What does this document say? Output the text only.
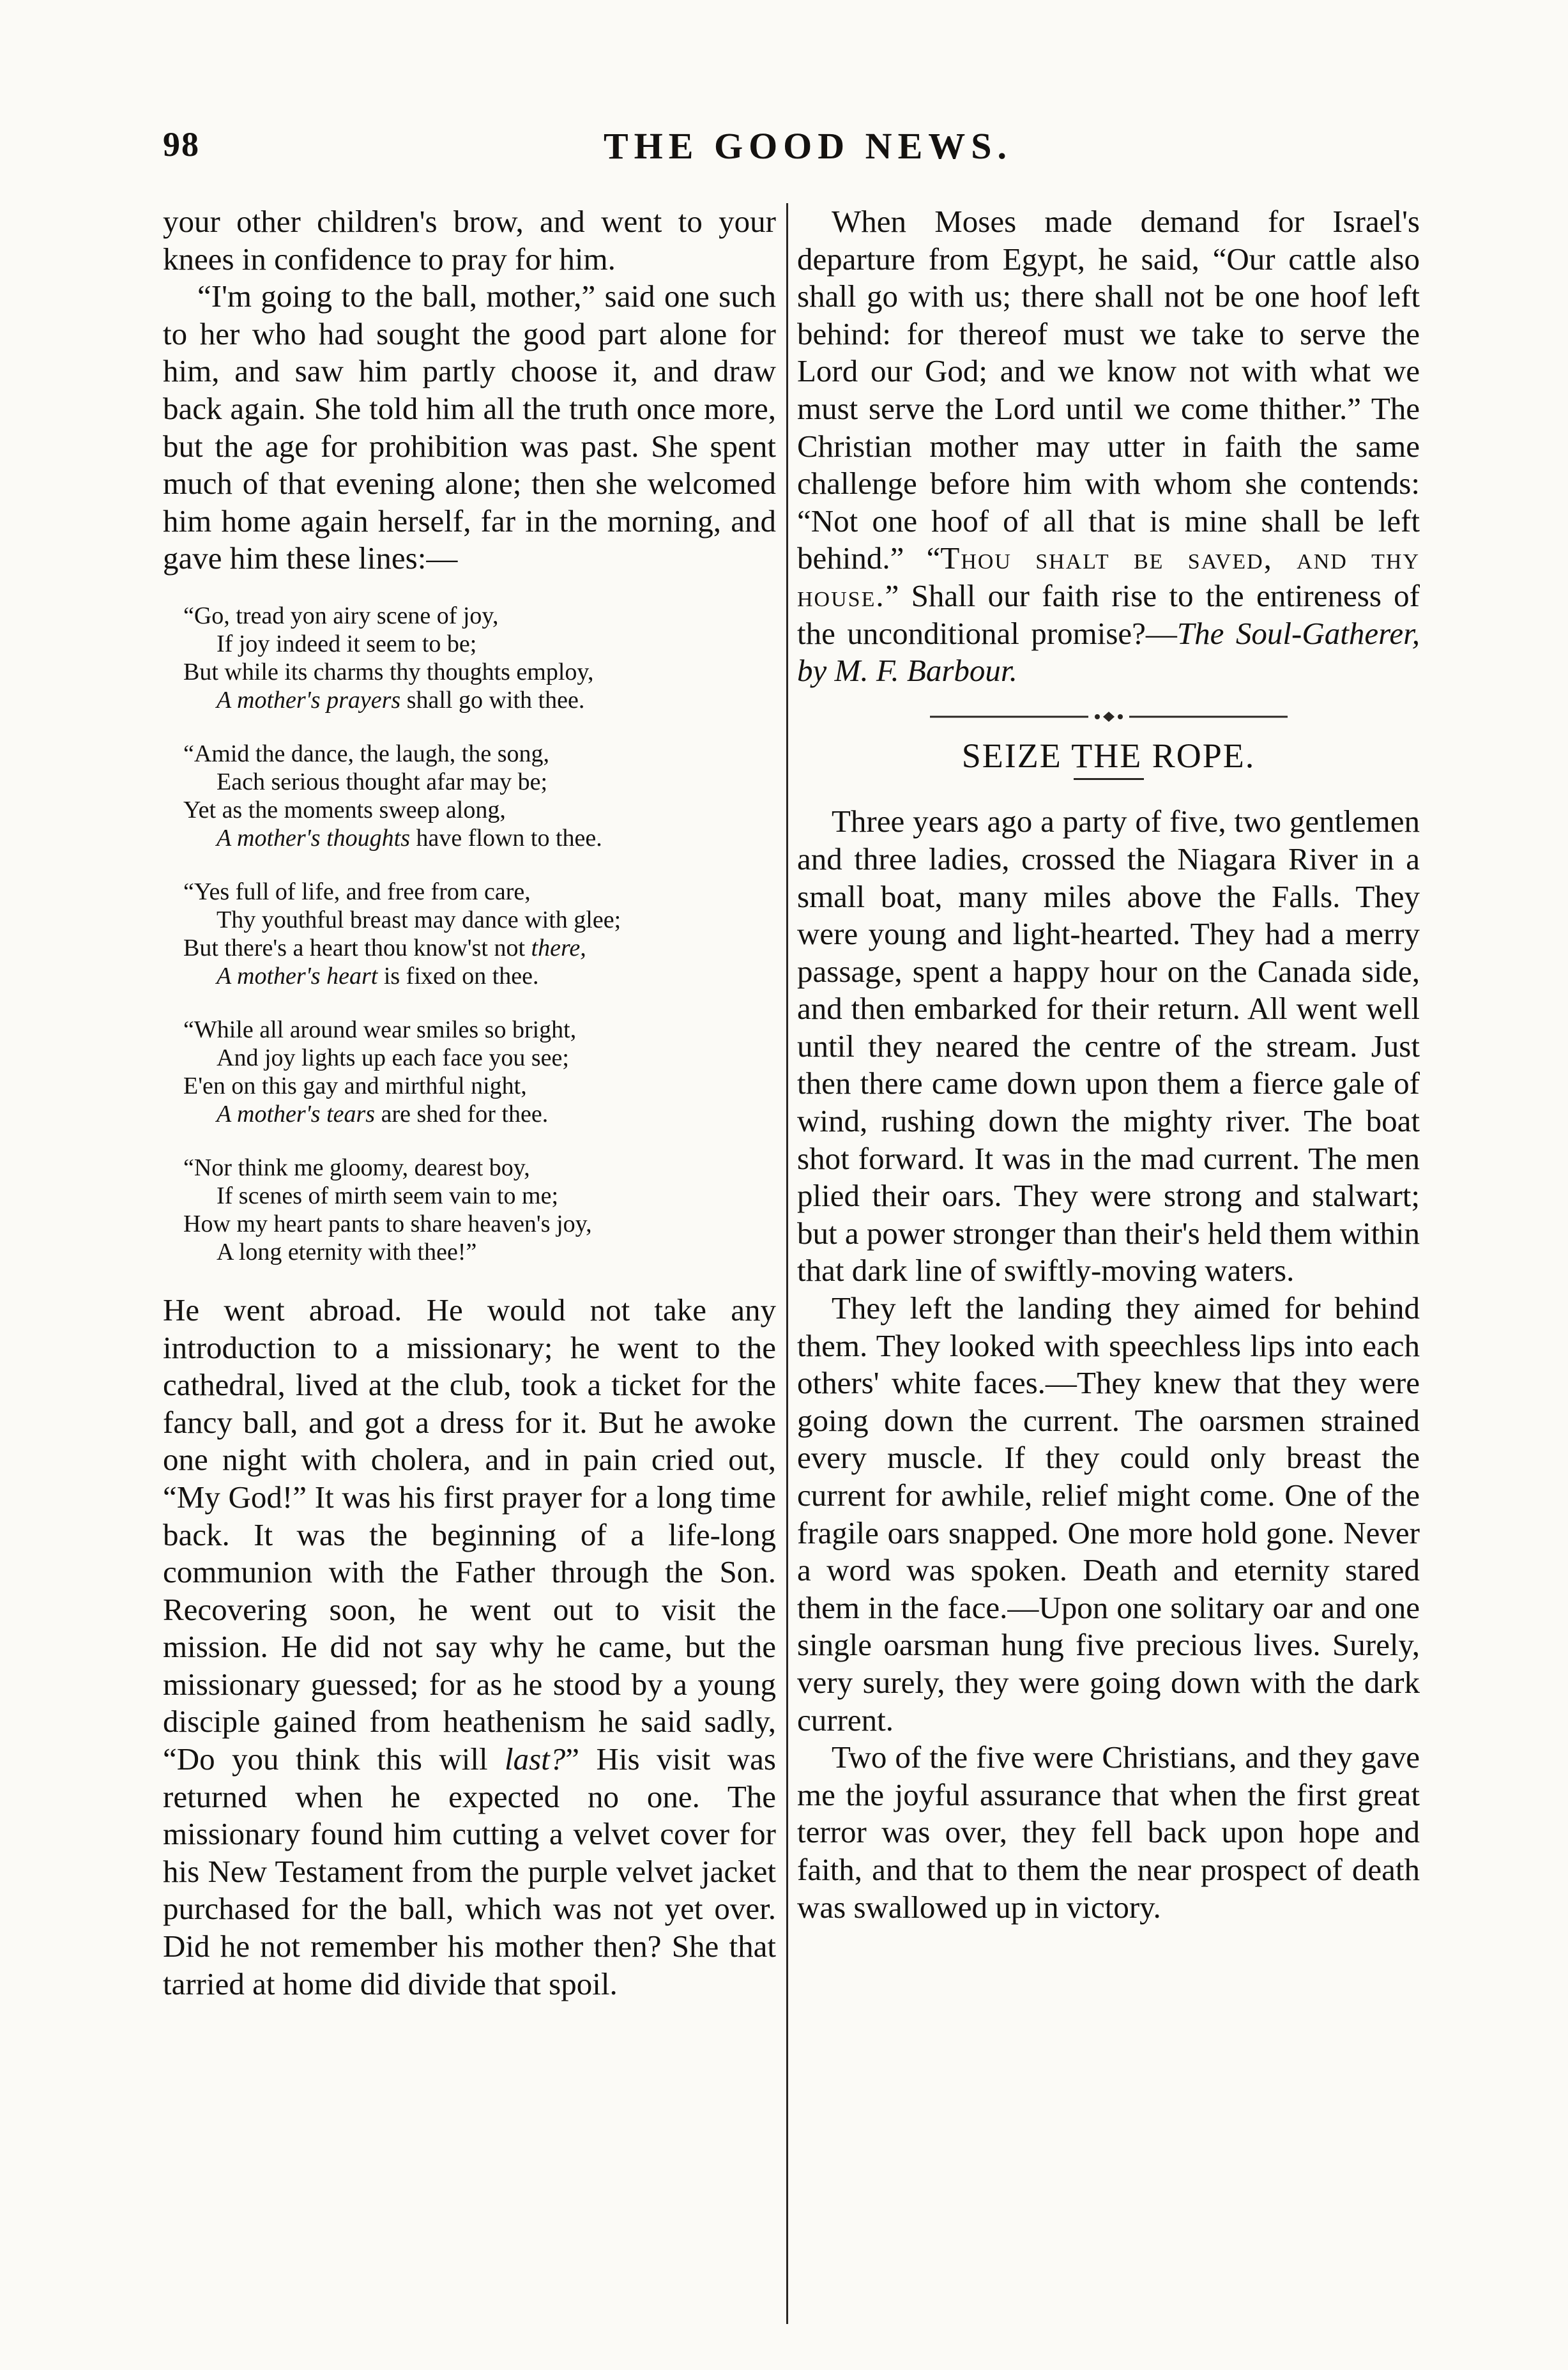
98	THE GOOD NEWS.

your other children's brow, and went to your knees in confidence to pray for him.

“I'm going to the ball, mother,” said one such to her who had sought the good part alone for him, and saw him partly choose it, and draw back again. She told him all the truth once more, but the age for prohibition was past. She spent much of that evening alone; then she welcomed him home again herself, far in the morning, and gave him these lines:—

“Go, tread yon airy scene of joy,
If joy indeed it seem to be;
But while its charms thy thoughts employ,
A mother's prayers shall go with thee.
“Amid the dance, the laugh, the song,
Each serious thought afar may be;
Yet as the moments sweep along,
A mother's thoughts have flown to thee.
“Yes full of life, and free from care,
Thy youthful breast may dance with glee;
But there's a heart thou know'st not there,
A mother's heart is fixed on thee.
“While all around wear smiles so bright,
And joy lights up each face you see;
E'en on this gay and mirthful night,
A mother's tears are shed for thee.
“Nor think me gloomy, dearest boy,
If scenes of mirth seem vain to me;
How my heart pants to share heaven's joy,
A long eternity with thee!”

He went abroad. He would not take any introduction to a missionary; he went to the cathedral, lived at the club, took a ticket for the fancy ball, and got a dress for it. But he awoke one night with cholera, and in pain cried out, “My God!” It was his first prayer for a long time back. It was the beginning of a life-long communion with the Father through the Son. Recovering soon, he went out to visit the mission. He did not say why he came, but the missionary guessed; for as he stood by a young disciple gained from heathenism he said sadly, “Do you think this will last?” His visit was returned when he expected no one. The missionary found him cutting a velvet cover for his New Testament from the purple velvet jacket purchased for the ball, which was not yet over. Did he not remember his mother then? She that tarried at home did divide that spoil.

When Moses made demand for Israel's departure from Egypt, he said, “Our cattle also shall go with us; there shall not be one hoof left behind: for thereof must we take to serve the Lord our God; and we know not with what we must serve the Lord until we come thither.” The Christian mother may utter in faith the same challenge before him with whom she contends: “Not one hoof of all that is mine shall be left behind.” “Thou shalt be saved, and thy house.” Shall our faith rise to the entireness of the unconditional promise?—The Soul-Gatherer, by M. F. Barbour.

SEIZE THE ROPE.

Three years ago a party of five, two gentlemen and three ladies, crossed the Niagara River in a small boat, many miles above the Falls. They were young and light-hearted. They had a merry passage, spent a happy hour on the Canada side, and then embarked for their return. All went well until they neared the centre of the stream. Just then there came down upon them a fierce gale of wind, rushing down the mighty river. The boat shot forward. It was in the mad current. The men plied their oars. They were strong and stalwart; but a power stronger than their's held them within that dark line of swiftly-moving waters.

They left the landing they aimed for behind them. They looked with speechless lips into each others' white faces.—They knew that they were going down the current. The oarsmen strained every muscle. If they could only breast the current for awhile, relief might come. One of the fragile oars snapped. One more hold gone. Never a word was spoken. Death and eternity stared them in the face.—Upon one solitary oar and one single oarsman hung five precious lives. Surely, very surely, they were going down with the dark current.

Two of the five were Christians, and they gave me the joyful assurance that when the first great terror was over, they fell back upon hope and faith, and that to them the near prospect of death was swallowed up in victory.
